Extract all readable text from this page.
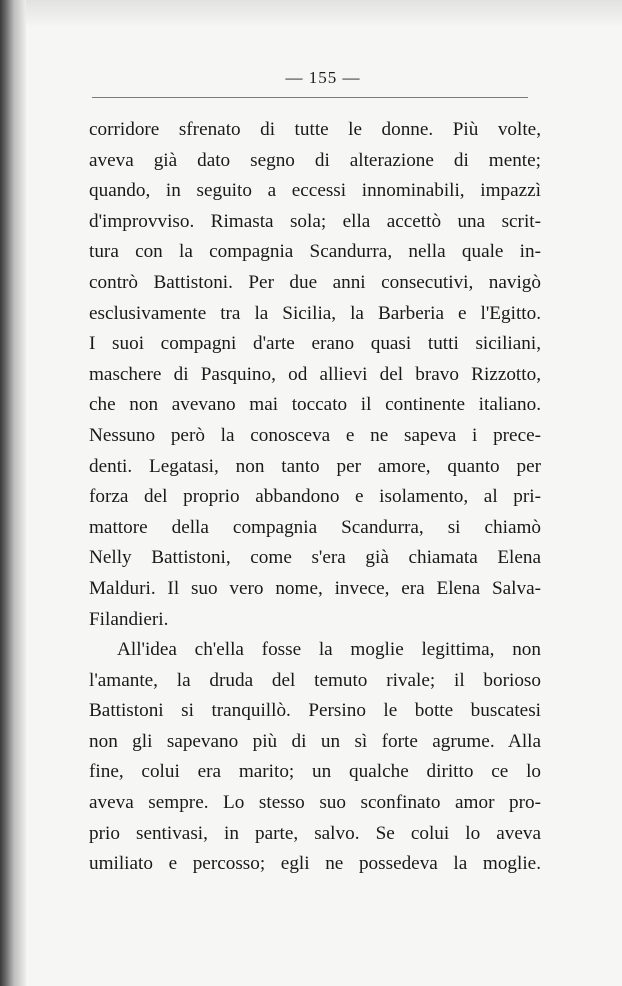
— 155 —
corridore sfrenato di tutte le donne. Più volte,
aveva già dato segno di alterazione di mente;
quando, in seguito a eccessi innominabili, impazzì
d'improvviso. Rimasta sola; ella accettò una scrit-
tura con la compagnia Scandurra, nella quale in-
contrò Battistoni. Per due anni consecutivi, navigò
esclusivamente tra la Sicilia, la Barberia e l'Egitto.
I suoi compagni d'arte erano quasi tutti siciliani,
maschere di Pasquino, od allievi del bravo Rizzotto,
che non avevano mai toccato il continente italiano.
Nessuno però la conosceva e ne sapeva i prece-
denti. Legatasi, non tanto per amore, quanto per
forza del proprio abbandono e isolamento, al pri-
mattore della compagnia Scandurra, si chiamò
Nelly Battistoni, come s'era già chiamata Elena
Malduri. Il suo vero nome, invece, era Elena Salva-
Filandieri.
All'idea ch'ella fosse la moglie legittima, non
l'amante, la druda del temuto rivale; il borioso
Battistoni si tranquillò. Persino le botte buscatesi
non gli sapevano più di un sì forte agrume. Alla
fine, colui era marito; un qualche diritto ce lo
aveva sempre. Lo stesso suo sconfinato amor pro-
prio sentivasi, in parte, salvo. Se colui lo aveva
umiliato e percosso; egli ne possedeva la moglie.
